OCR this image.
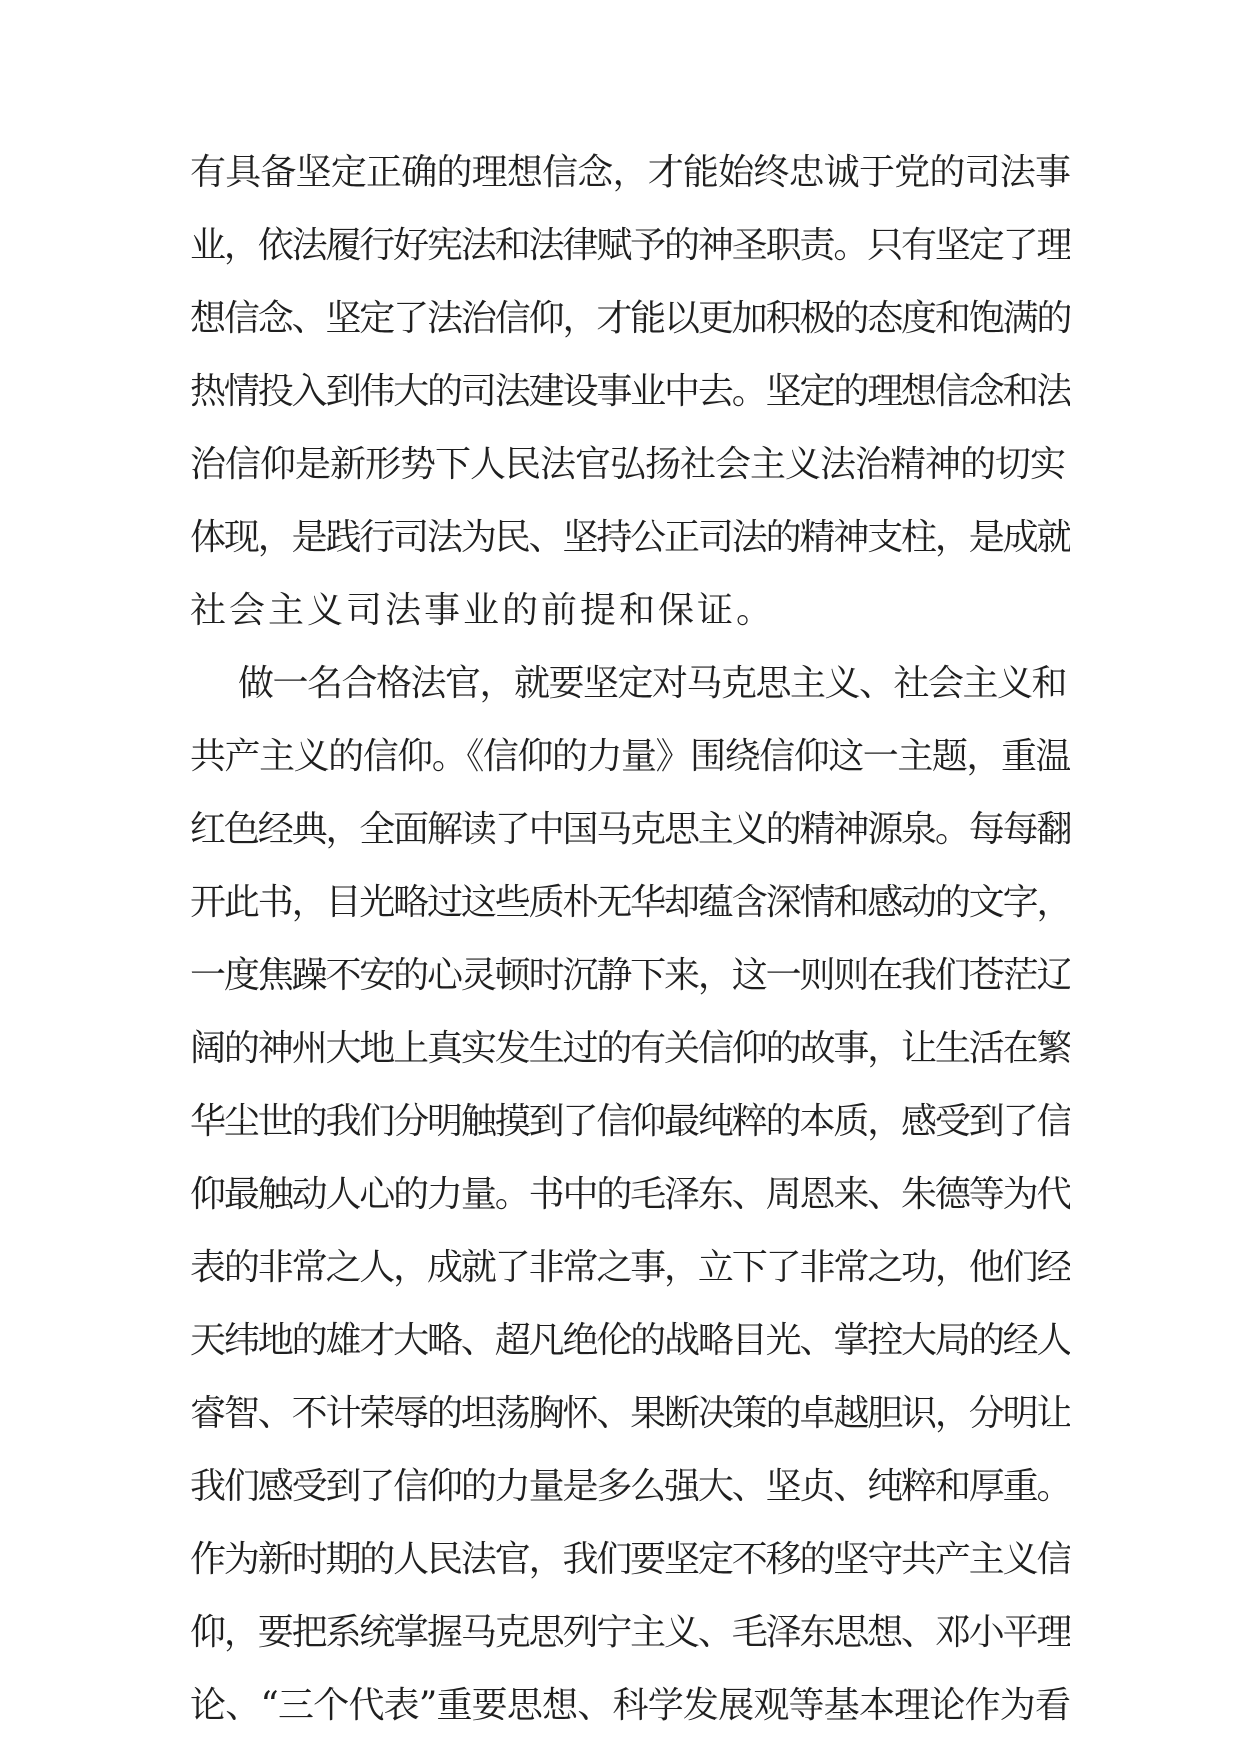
有具备坚定正确的理想信念，才能始终忠诚于党的司法事
业，依法履行好宪法和法律赋予的神圣职责。只有坚定了理
想信念、坚定了法治信仰，才能以更加积极的态度和饱满的
热情投入到伟大的司法建设事业中去。坚定的理想信念和法
治信仰是新形势下人民法官弘扬社会主义法治精神的切实
体现，是践行司法为民、坚持公正司法的精神支柱，是成就
社会主义司法事业的前提和保证。
做一名合格法官，就要坚定对马克思主义、社会主义和
共产主义的信仰。《信仰的力量》围绕信仰这一主题，重温
红色经典，全面解读了中国马克思主义的精神源泉。每每翻
开此书，目光略过这些质朴无华却蕴含深情和感动的文字，
一度焦躁不安的心灵顿时沉静下来，这一则则在我们苍茫辽
阔的神州大地上真实发生过的有关信仰的故事，让生活在繁
华尘世的我们分明触摸到了信仰最纯粹的本质，感受到了信
仰最触动人心的力量。书中的毛泽东、周恩来、朱德等为代
表的非常之人，成就了非常之事，立下了非常之功，他们经
天纬地的雄才大略、超凡绝伦的战略目光、掌控大局的经人
睿智、不计荣辱的坦荡胸怀、果断决策的卓越胆识，分明让
我们感受到了信仰的力量是多么强大、坚贞、纯粹和厚重。
作为新时期的人民法官，我们要坚定不移的坚守共产主义信
仰，要把系统掌握马克思列宁主义、毛泽东思想、邓小平理
论、“三个代表”重要思想、科学发展观等基本理论作为看
